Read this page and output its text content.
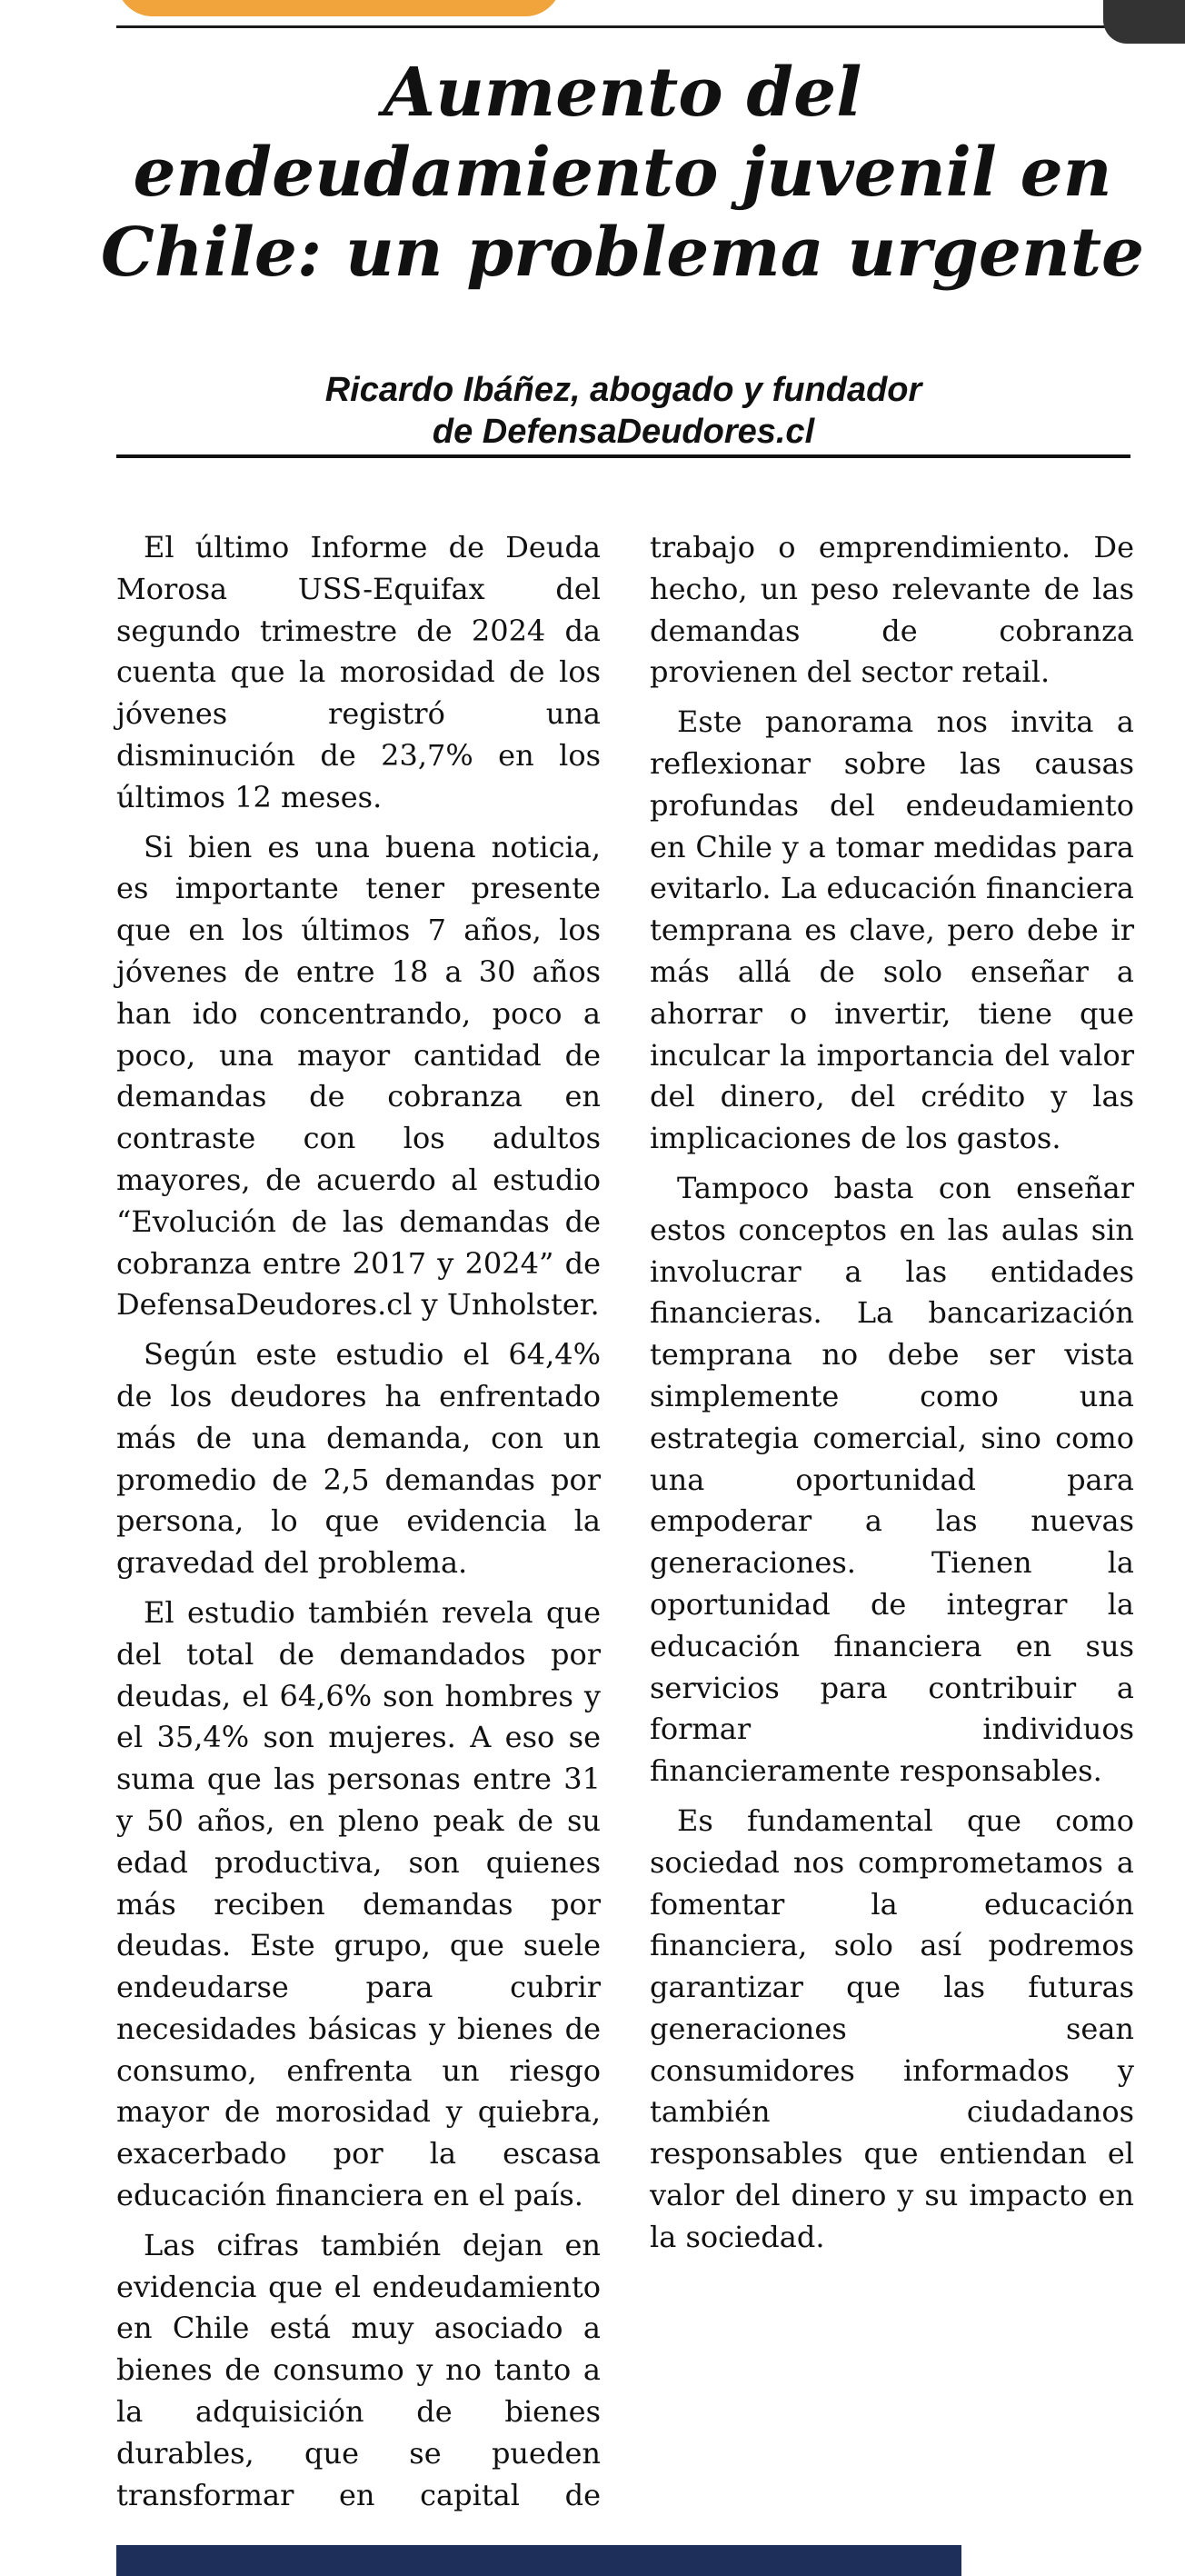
Aumento del endeudamiento juvenil en Chile: un problema urgente
Ricardo Ibáñez, abogado y fundador
de DefensaDeudores.cl

El último Informe de Deuda Morosa USS-Equifax del segundo trimestre de 2024 da cuenta que la morosidad de los jóvenes registró una disminución de 23,7% en los últimos 12 meses.

Si bien es una buena noticia, es importante tener presente que en los últimos 7 años, los jóvenes de entre 18 a 30 años han ido concentrando, poco a poco, una mayor cantidad de demandas de cobranza en contraste con los adultos mayores, de acuerdo al estudio “Evolución de las demandas de cobranza entre 2017 y 2024” de DefensaDeudores.cl y Unholster.

Según este estudio el 64,4% de los deudores ha enfrentado más de una demanda, con un promedio de 2,5 demandas por persona, lo que evidencia la gravedad del problema.

El estudio también revela que del total de demandados por deudas, el 64,6% son hombres y el 35,4% son mujeres. A eso se suma que las personas entre 31 y 50 años, en pleno peak de su edad productiva, son quienes más reciben demandas por deudas. Este grupo, que suele endeudarse para cubrir necesidades básicas y bienes de consumo, enfrenta un riesgo mayor de morosidad y quiebra, exacerbado por la escasa educación financiera en el país.

Las cifras también dejan en evidencia que el endeudamiento en Chile está muy asociado a bienes de consumo y no tanto a la adquisición de bienes durables, que se pueden transformar en capital de trabajo o emprendimiento. De hecho, un peso relevante de las demandas de cobranza provienen del sector retail.

Este panorama nos invita a reflexionar sobre las causas profundas del endeudamiento en Chile y a tomar medidas para evitarlo. La educación financiera temprana es clave, pero debe ir más allá de solo enseñar a ahorrar o invertir, tiene que inculcar la importancia del valor del dinero, del crédito y las implicaciones de los gastos.

Tampoco basta con enseñar estos conceptos en las aulas sin involucrar a las entidades financieras. La bancarización temprana no debe ser vista simplemente como una estrategia comercial, sino como una oportunidad para empoderar a las nuevas generaciones. Tienen la oportunidad de integrar la educación financiera en sus servicios para contribuir a formar individuos financieramente responsables.

Es fundamental que como sociedad nos comprometamos a fomentar la educación financiera, solo así podremos garantizar que las futuras generaciones sean consumidores informados y también ciudadanos responsables que entiendan el valor del dinero y su impacto en la sociedad.
